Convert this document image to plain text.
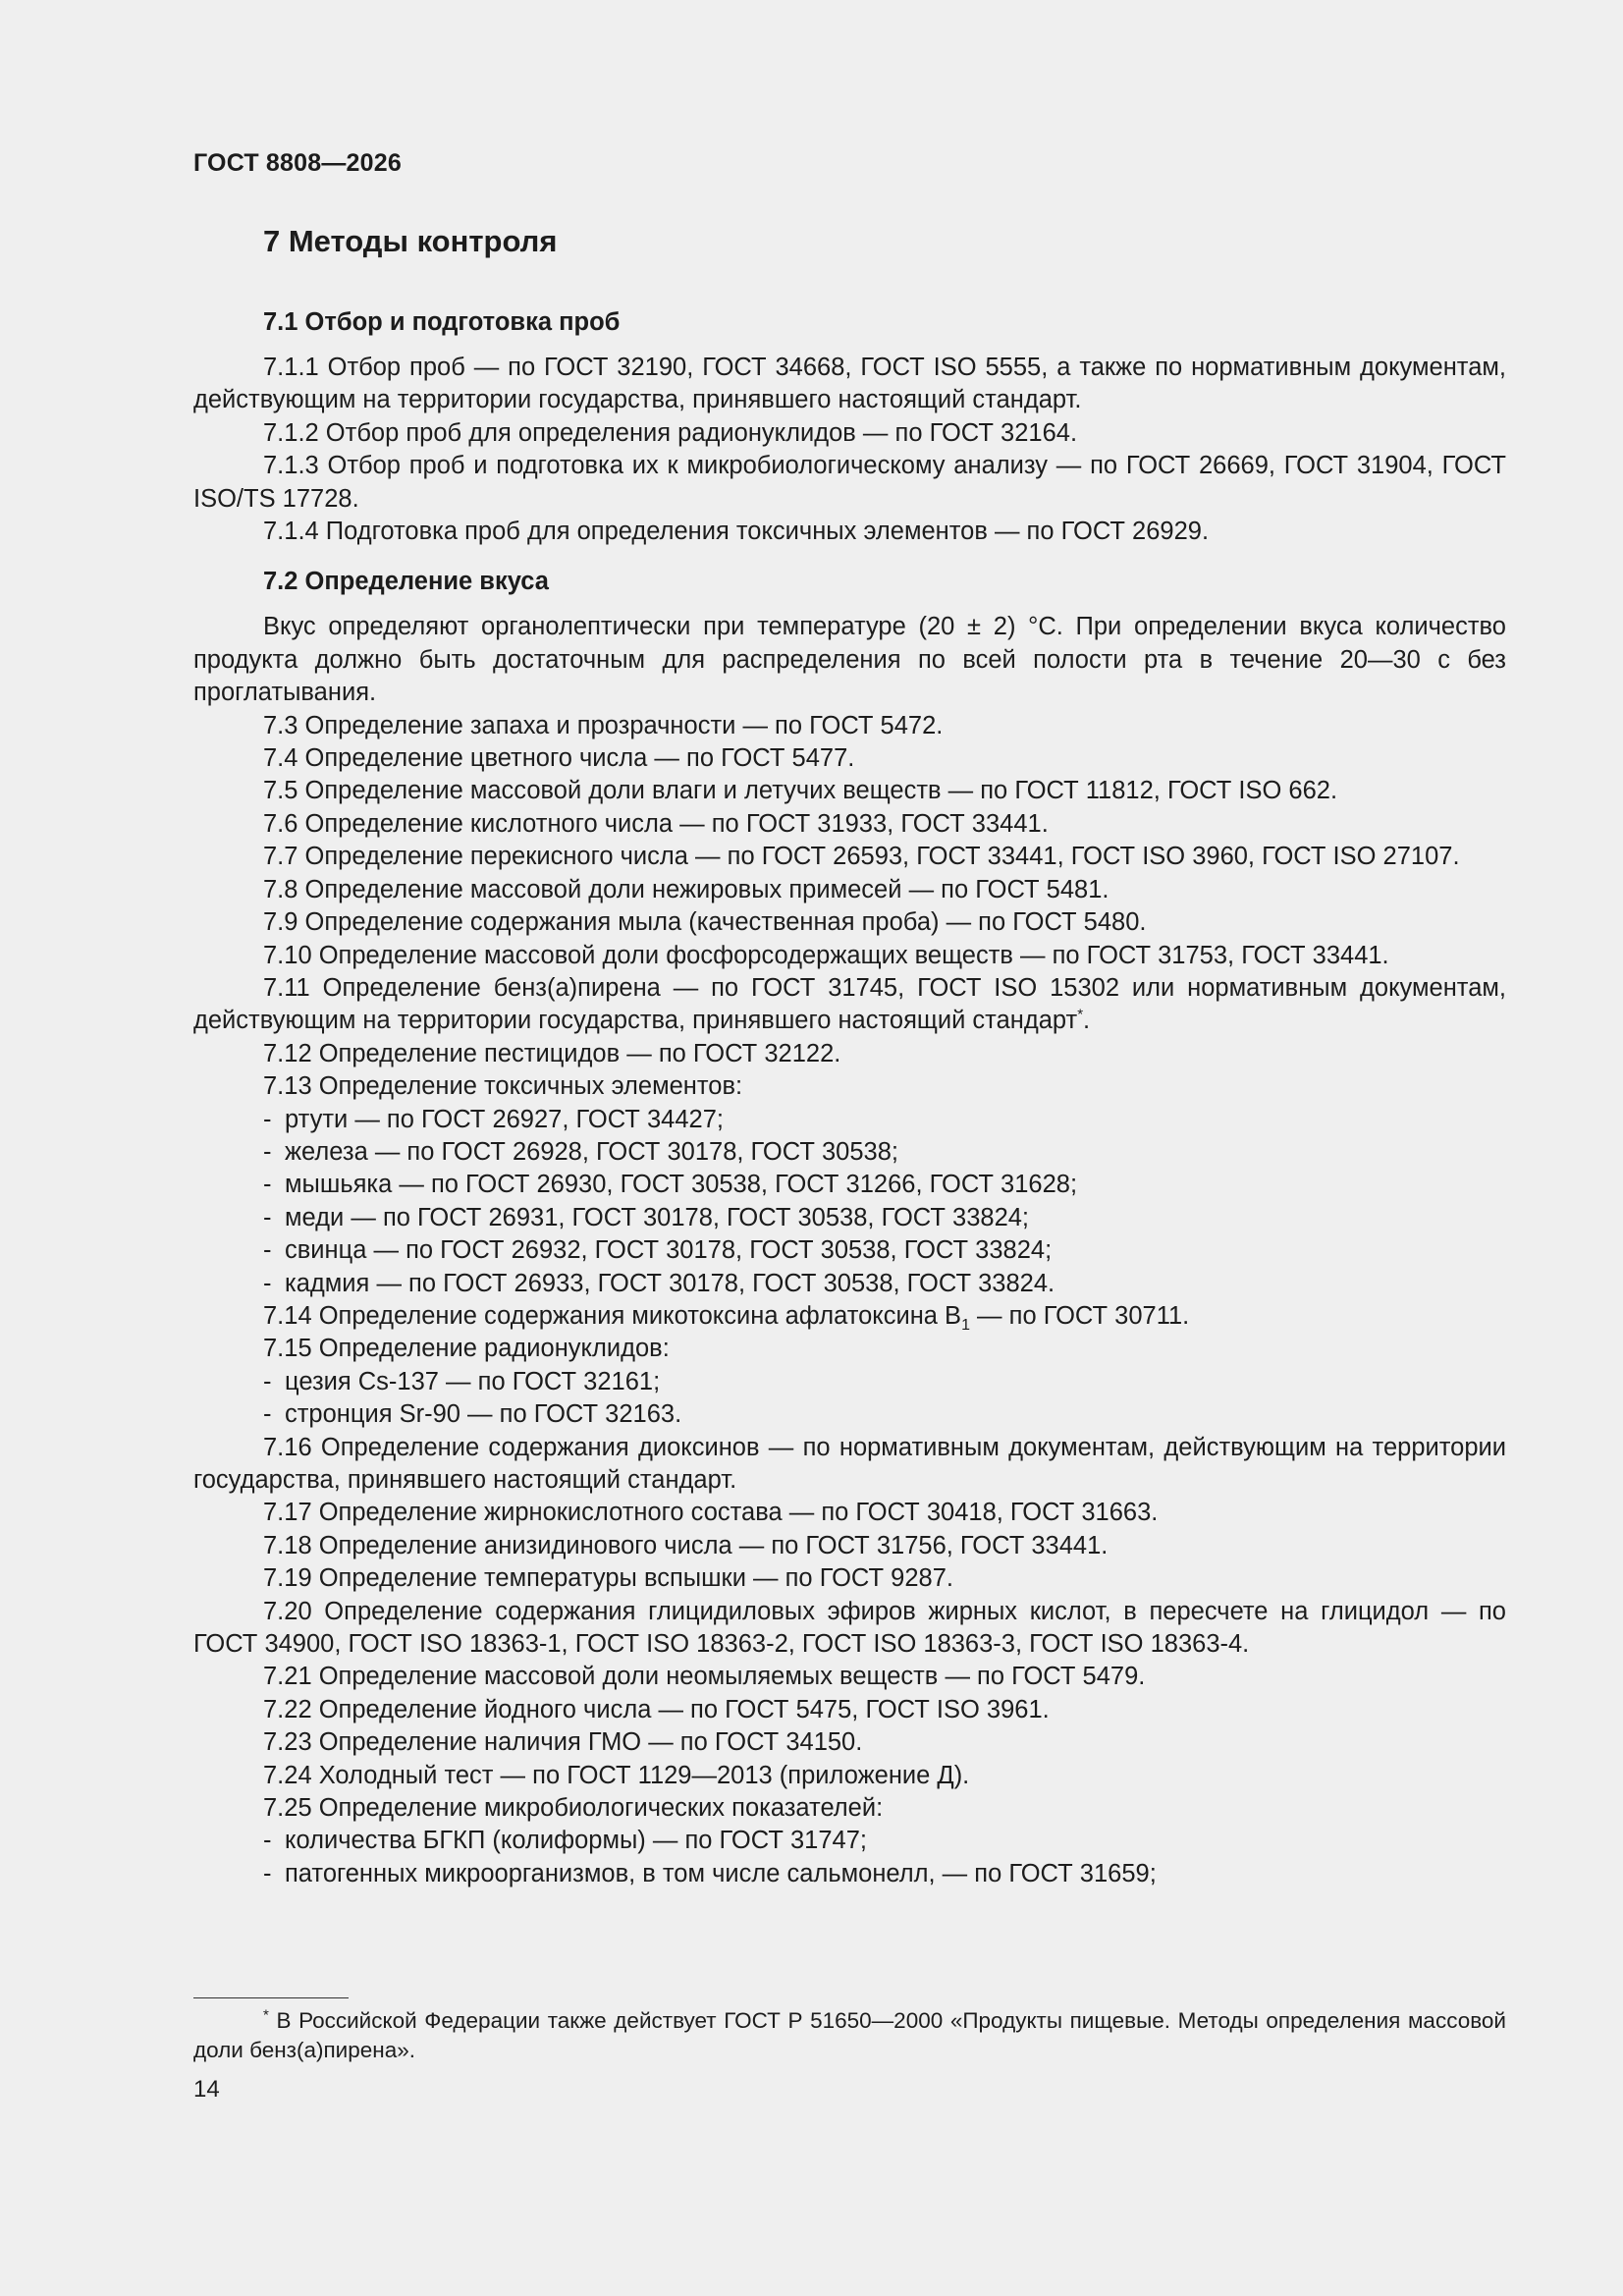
ГОСТ 8808—2026
7 Методы контроля
7.1 Отбор и подготовка проб

7.1.1 Отбор проб — по ГОСТ 32190, ГОСТ 34668, ГОСТ ISO 5555, а также по нормативным документам, действующим на территории государства, принявшего настоящий стандарт.

7.1.2 Отбор проб для определения радионуклидов — по ГОСТ 32164.

7.1.3 Отбор проб и подготовка их к микробиологическому анализу — по ГОСТ 26669, ГОСТ 31904, ГОСТ ISO/TS 17728.

7.1.4 Подготовка проб для определения токсичных элементов — по ГОСТ 26929.

7.2 Определение вкуса

Вкус определяют органолептически при температуре (20 ± 2) °С. При определении вкуса количество продукта должно быть достаточным для распределения по всей полости рта в течение 20—30 с без проглатывания.

7.3 Определение запаха и прозрачности — по ГОСТ 5472.

7.4 Определение цветного числа — по ГОСТ 5477.

7.5 Определение массовой доли влаги и летучих веществ — по ГОСТ 11812, ГОСТ ISO 662.

7.6 Определение кислотного числа — по ГОСТ 31933, ГОСТ 33441.

7.7 Определение перекисного числа — по ГОСТ 26593, ГОСТ 33441, ГОСТ ISO 3960, ГОСТ ISO 27107.

7.8 Определение массовой доли нежировых примесей — по ГОСТ 5481.

7.9 Определение содержания мыла (качественная проба) — по ГОСТ 5480.

7.10 Определение массовой доли фосфорсодержащих веществ — по ГОСТ 31753, ГОСТ 33441.

7.11 Определение бенз(а)пирена — по ГОСТ 31745, ГОСТ ISO 15302 или нормативным документам, действующим на территории государства, принявшего настоящий стандарт*.

7.12 Определение пестицидов — по ГОСТ 32122.

7.13 Определение токсичных элементов:

- ртути — по ГОСТ 26927, ГОСТ 34427;
- железа — по ГОСТ 26928, ГОСТ 30178, ГОСТ 30538;
- мышьяка — по ГОСТ 26930, ГОСТ 30538, ГОСТ 31266, ГОСТ 31628;
- меди — по ГОСТ 26931, ГОСТ 30178, ГОСТ 30538, ГОСТ 33824;
- свинца — по ГОСТ 26932, ГОСТ 30178, ГОСТ 30538, ГОСТ 33824;
- кадмия — по ГОСТ 26933, ГОСТ 30178, ГОСТ 30538, ГОСТ 33824.

7.14 Определение содержания микотоксина афлатоксина $B_1$ — по ГОСТ 30711.

7.15 Определение радионуклидов:

- цезия Cs-137 — по ГОСТ 32161;
- стронция Sr-90 — по ГОСТ 32163.

7.16 Определение содержания диоксинов — по нормативным документам, действующим на территории государства, принявшего настоящий стандарт.

7.17 Определение жирнокислотного состава — по ГОСТ 30418, ГОСТ 31663.

7.18 Определение анизидинового числа — по ГОСТ 31756, ГОСТ 33441.

7.19 Определение температуры вспышки — по ГОСТ 9287.

7.20 Определение содержания глицидиловых эфиров жирных кислот, в пересчете на глицидол — по ГОСТ 34900, ГОСТ ISO 18363-1, ГОСТ ISO 18363-2, ГОСТ ISO 18363-3, ГОСТ ISO 18363-4.

7.21 Определение массовой доли неомыляемых веществ — по ГОСТ 5479.

7.22 Определение йодного числа — по ГОСТ 5475, ГОСТ ISO 3961.

7.23 Определение наличия ГМО — по ГОСТ 34150.

7.24 Холодный тест — по ГОСТ 1129—2013 (приложение Д).

7.25 Определение микробиологических показателей:

- количества БГКП (колиформы) — по ГОСТ 31747;
- патогенных микроорганизмов, в том числе сальмонелл, — по ГОСТ 31659;

* В Российской Федерации также действует ГОСТ Р 51650—2000 «Продукты пищевые. Методы определения массовой доли бенз(а)пирена».

14
